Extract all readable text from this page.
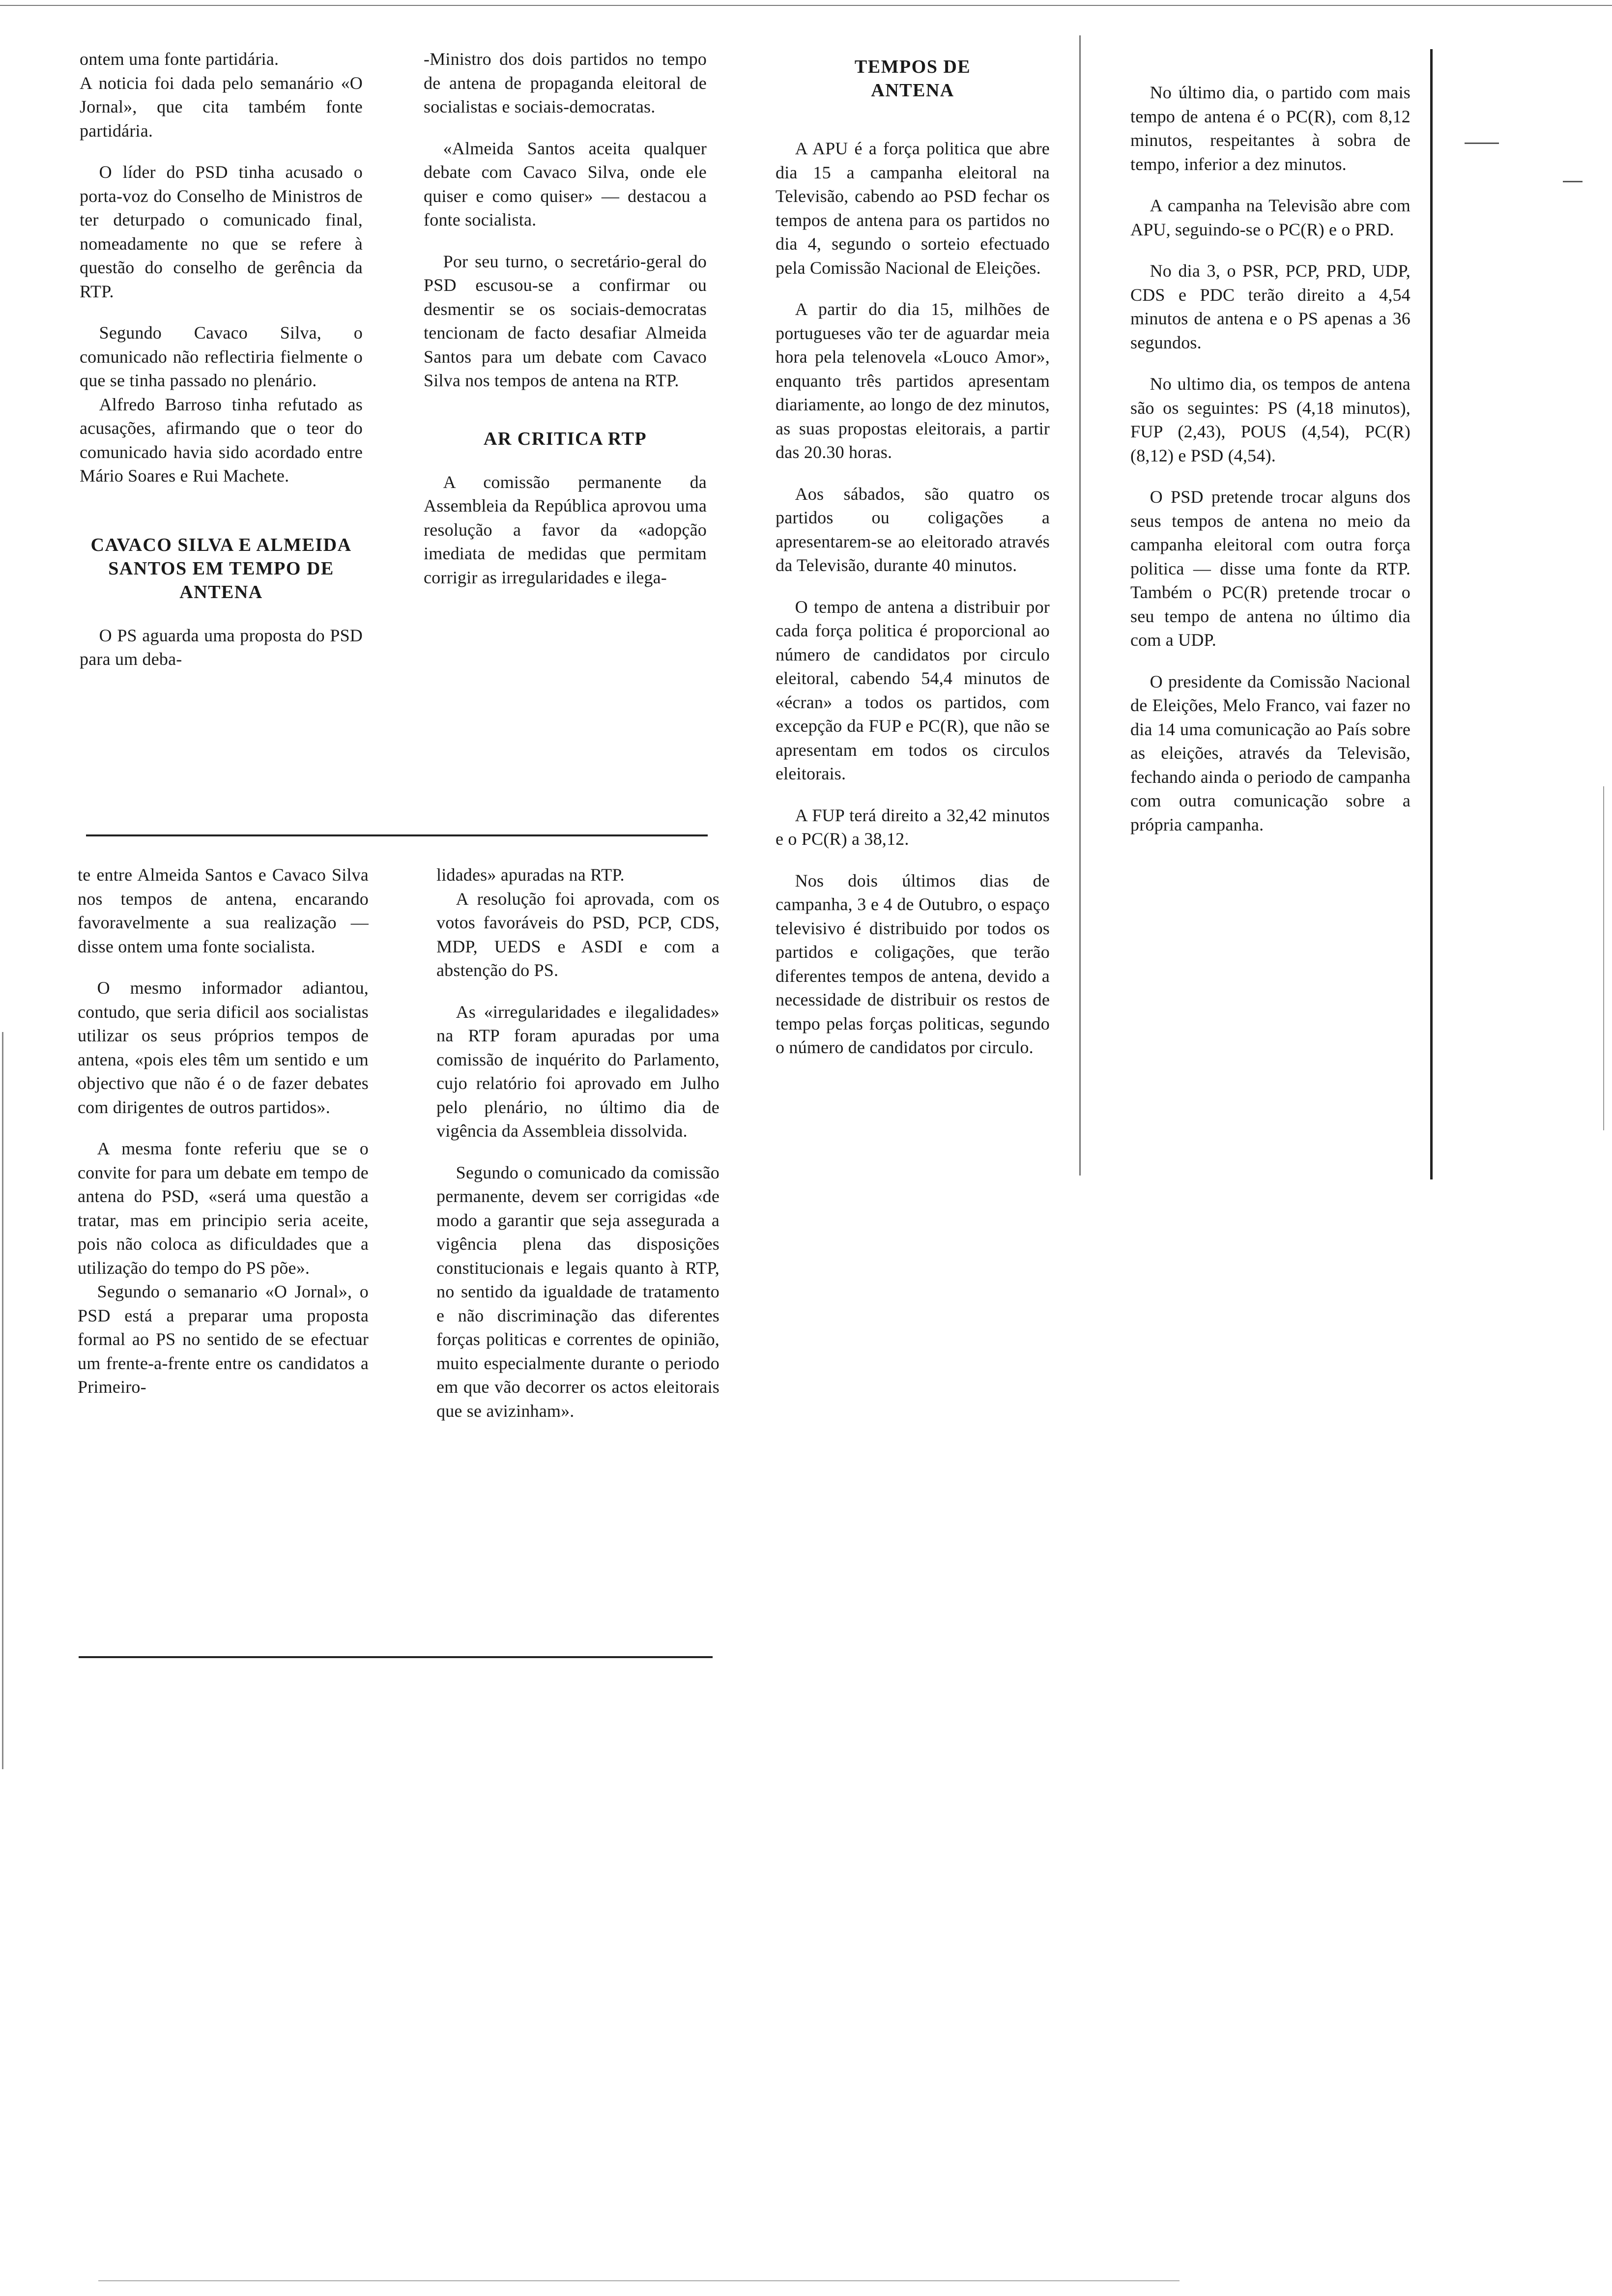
ontem uma fonte partidária.

A noticia foi dada pelo semanário «O Jornal», que cita também fonte partidária.

O líder do PSD tinha acusado o porta-voz do Conselho de Ministros de ter deturpado o comunicado final, nomeadamente no que se refere à questão do conselho de gerência da RTP.

Segundo Cavaco Silva, o comunicado não reflectiria fielmente o que se tinha passado no plenário.

Alfredo Barroso tinha refutado as acusações, afirmando que o teor do comunicado havia sido acordado entre Mário Soares e Rui Machete.

CAVACO SILVA E ALMEIDA SANTOS EM TEMPO DE ANTENA

O PS aguarda uma proposta do PSD para um deba-

-Ministro dos dois partidos no tempo de antena de propaganda eleitoral de socialistas e sociais-democratas.

«Almeida Santos aceita qualquer debate com Cavaco Silva, onde ele quiser e como quiser» — destacou a fonte socialista.

Por seu turno, o secretário-geral do PSD escusou-se a confirmar ou desmentir se os sociais-democratas tencionam de facto desafiar Almeida Santos para um debate com Cavaco Silva nos tempos de antena na RTP.

AR CRITICA RTP

A comissão permanente da Assembleia da República aprovou uma resolução a favor da «adopção imediata de medidas que permitam corrigir as irregularidades e ilega-

te entre Almeida Santos e Cavaco Silva nos tempos de antena, encarando favoravelmente a sua realização — disse ontem uma fonte socialista.

O mesmo informador adiantou, contudo, que seria dificil aos socialistas utilizar os seus próprios tempos de antena, «pois eles têm um sentido e um objectivo que não é o de fazer debates com dirigentes de outros partidos».

A mesma fonte referiu que se o convite for para um debate em tempo de antena do PSD, «será uma questão a tratar, mas em principio seria aceite, pois não coloca as dificuldades que a utilização do tempo do PS põe».

Segundo o semanario «O Jornal», o PSD está a preparar uma proposta formal ao PS no sentido de se efectuar um frente-a-frente entre os candidatos a Primeiro-

lidades» apuradas na RTP.

A resolução foi aprovada, com os votos favoráveis do PSD, PCP, CDS, MDP, UEDS e ASDI e com a abstenção do PS.

As «irregularidades e ilegalidades» na RTP foram apuradas por uma comissão de inquérito do Parlamento, cujo relatório foi aprovado em Julho pelo plenário, no último dia de vigência da Assembleia dissolvida.

Segundo o comunicado da comissão permanente, devem ser corrigidas «de modo a garantir que seja assegurada a vigência plena das disposições constitucionais e legais quanto à RTP, no sentido da igualdade de tratamento e não discriminação das diferentes forças politicas e correntes de opinião, muito especialmente durante o periodo em que vão decorrer os actos eleitorais que se avizinham».

TEMPOS DE ANTENA

A APU é a força politica que abre dia 15 a campanha eleitoral na Televisão, cabendo ao PSD fechar os tempos de antena para os partidos no dia 4, segundo o sorteio efectuado pela Comissão Nacional de Eleições.

A partir do dia 15, milhões de portugueses vão ter de aguardar meia hora pela telenovela «Louco Amor», enquanto três partidos apresentam diariamente, ao longo de dez minutos, as suas propostas eleitorais, a partir das 20.30 horas.

Aos sábados, são quatro os partidos ou coligações a apresentarem-se ao eleitorado através da Televisão, durante 40 minutos.

O tempo de antena a distribuir por cada força politica é proporcional ao número de candidatos por circulo eleitoral, cabendo 54,4 minutos de «écran» a todos os partidos, com excepção da FUP e PC(R), que não se apresentam em todos os circulos eleitorais.

A FUP terá direito a 32,42 minutos e o PC(R) a 38,12.

Nos dois últimos dias de campanha, 3 e 4 de Outubro, o espaço televisivo é distribuido por todos os partidos e coligações, que terão diferentes tempos de antena, devido a necessidade de distribuir os restos de tempo pelas forças politicas, segundo o número de candidatos por circulo.

No último dia, o partido com mais tempo de antena é o PC(R), com 8,12 minutos, respeitantes à sobra de tempo, inferior a dez minutos.

A campanha na Televisão abre com APU, seguindo-se o PC(R) e o PRD.

No dia 3, o PSR, PCP, PRD, UDP, CDS e PDC terão direito a 4,54 minutos de antena e o PS apenas a 36 segundos.

No ultimo dia, os tempos de antena são os seguintes: PS (4,18 minutos), FUP (2,43), POUS (4,54), PC(R) (8,12) e PSD (4,54).

O PSD pretende trocar alguns dos seus tempos de antena no meio da campanha eleitoral com outra força politica — disse uma fonte da RTP. Também o PC(R) pretende trocar o seu tempo de antena no último dia com a UDP.

O presidente da Comissão Nacional de Eleições, Melo Franco, vai fazer no dia 14 uma comunicação ao País sobre as eleições, através da Televisão, fechando ainda o periodo de campanha com outra comunicação sobre a própria campanha.
